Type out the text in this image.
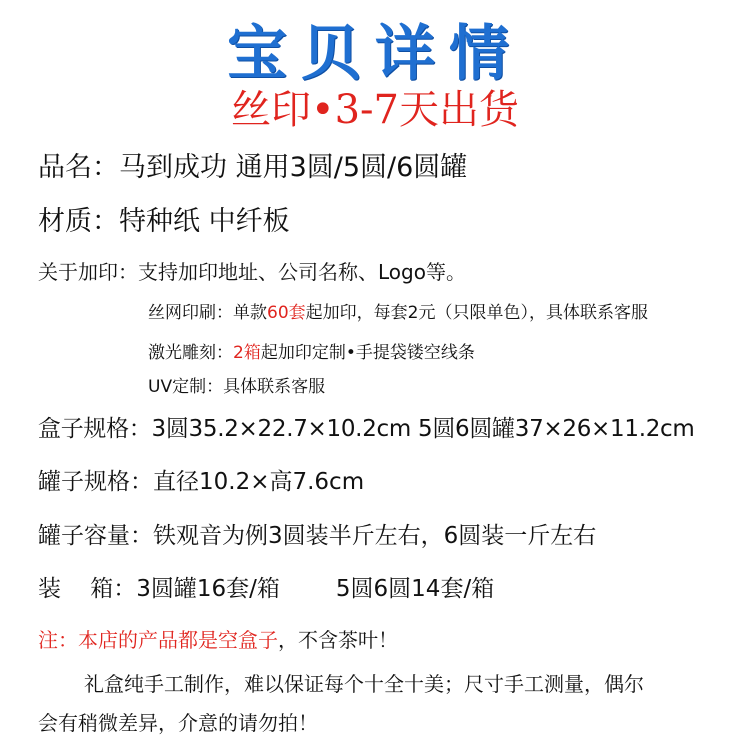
宝贝详情
丝印•3-7天出货
品名：马到成功 通用3圆/5圆/6圆罐
材质：特种纸 中纤板
关于加印：支持加印地址、公司名称、Logo等。
丝网印刷：单款60套起加印，每套2元（只限单色），具体联系客服
激光雕刻：2箱起加印定制•手提袋镂空线条
UV定制：具体联系客服
盒子规格：3圆35.2×22.7×10.2cm 5圆6圆罐37×26×11.2cm
罐子规格：直径10.2×高7.6cm
罐子容量：铁观音为例3圆装半斤左右，6圆装一斤左右
装    箱：3圆罐16套/箱 5圆6圆14套/箱
注：本店的产品都是空盒子，不含茶叶！
礼盒纯手工制作，难以保证每个十全十美；尺寸手工测量，偶尔
会有稍微差异，介意的请勿拍！
